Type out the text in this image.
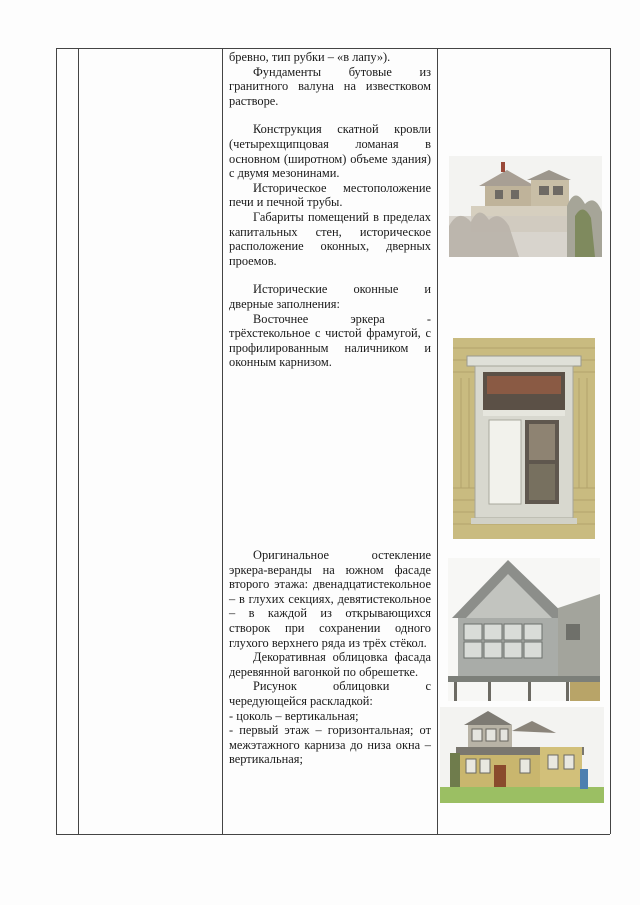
бревно, тип рубки – «в лапу»).

Фундаменты бутовые из гранитного валуна на известковом растворе.

Конструкция скатной кровли (четырехщипцовая ломаная в основном (широтном) объеме здания) с двумя мезонинами.

Историческое местоположение печи и печной трубы.

Габариты помещений в пределах капитальных стен, историческое расположение оконных, дверных проемов.

Исторические оконные и дверные заполнения:

Восточнее эркера - трёхстекольное с чистой фрамугой, с профилированным наличником и оконным карнизом.

Оригинальное остекление эркера-веранды на южном фасаде второго этажа: двенадцатистекольное – в глухих секциях, девятистекольное – в каждой из открывающихся створок при сохранении одного глухого верхнего ряда из трёх стёкол.

Декоративная облицовка фасада деревянной вагонкой по обрешетке.

Рисунок облицовки с чередующейся раскладкой:

- цоколь – вертикальная;

- первый этаж – горизонтальная; от межэтажного карниза до низа окна – вертикальная;
